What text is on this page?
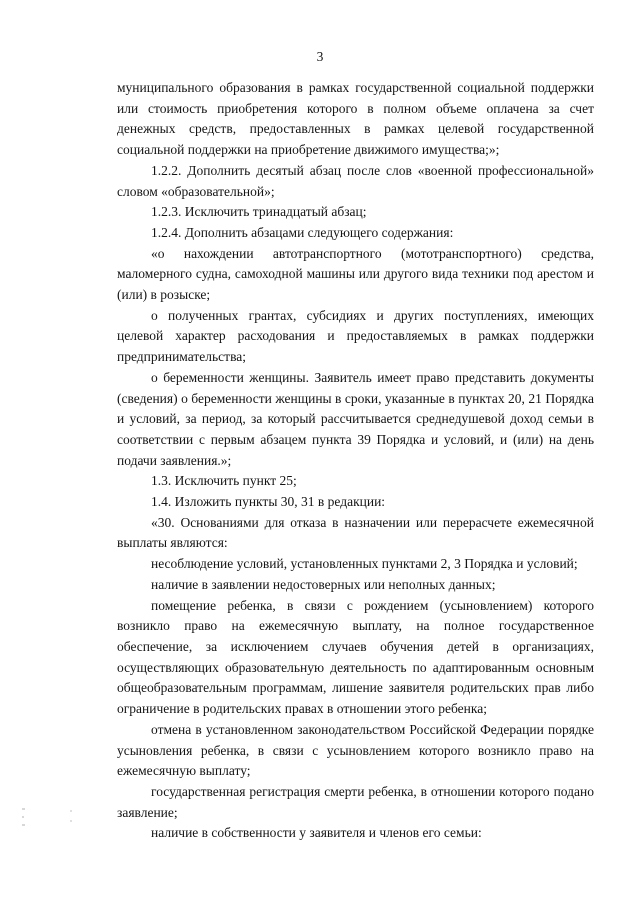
3

муниципального образования в рамках государственной социальной поддержки или стоимость приобретения которого в полном объеме оплачена за счет денежных средств, предоставленных в рамках целевой государственной социальной поддержки на приобретение движимого имущества;»;

1.2.2. Дополнить десятый абзац после слов «военной профессиональной» словом «образовательной»;

1.2.3. Исключить тринадцатый абзац;

1.2.4. Дополнить абзацами следующего содержания:

«о нахождении автотранспортного (мототранспортного) средства, маломерного судна, самоходной машины или другого вида техники под арестом и (или) в розыске;

о полученных грантах, субсидиях и других поступлениях, имеющих целевой характер расходования и предоставляемых в рамках поддержки предпринимательства;

о беременности женщины. Заявитель имеет право представить документы (сведения) о беременности женщины в сроки, указанные в пунктах 20, 21 Порядка и условий, за период, за который рассчитывается среднедушевой доход семьи в соответствии с первым абзацем пункта 39 Порядка и условий, и (или) на день подачи заявления.»;

1.3. Исключить пункт 25;

1.4. Изложить пункты 30, 31 в редакции:

«30. Основаниями для отказа в назначении или перерасчете ежемесячной выплаты являются:

несоблюдение условий, установленных пунктами 2, 3 Порядка и условий;

наличие в заявлении недостоверных или неполных данных;

помещение ребенка, в связи с рождением (усыновлением) которого возникло право на ежемесячную выплату, на полное государственное обеспечение, за исключением случаев обучения детей в организациях, осуществляющих образовательную деятельность по адаптированным основным общеобразовательным программам, лишение заявителя родительских прав либо ограничение в родительских правах в отношении этого ребенка;

отмена в установленном законодательством Российской Федерации порядке усыновления ребенка, в связи с усыновлением которого возникло право на ежемесячную выплату;

государственная регистрация смерти ребенка, в отношении которого подано заявление;

наличие в собственности у заявителя и членов его семьи:
